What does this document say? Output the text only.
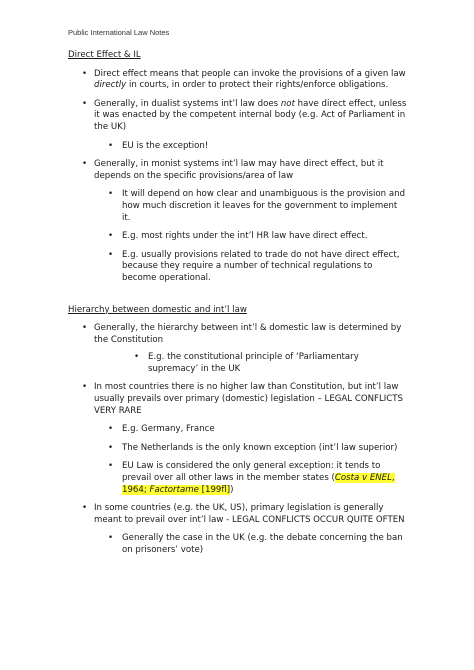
Public International Law Notes

Direct Effect & IL

• Direct effect means that people can invoke the provisions of a given law directly in courts, in order to protect their rights/enforce obligations.
• Generally, in dualist systems int’l law does not have direct effect, unless it was enacted by the competent internal body (e.g. Act of Parliament in the UK)
• EU is the exception!
• Generally, in monist systems int’l law may have direct effect, but it depends on the specific provisions/area of law
• It will depend on how clear and unambiguous is the provision and how much discretion it leaves for the government to implement it.
• E.g. most rights under the int’l HR law have direct effect.
• E.g. usually provisions related to trade do not have direct effect, because they require a number of technical regulations to become operational.

Hierarchy between domestic and int’l law

• Generally, the hierarchy between int’l & domestic law is determined by the Constitution
• E.g. the constitutional principle of ‘Parliamentary supremacy’ in the UK
• In most countries there is no higher law than Constitution, but int’l law usually prevails over primary (domestic) legislation – LEGAL CONFLICTS VERY RARE
• E.g. Germany, France
• The Netherlands is the only known exception (int’l law superior)
• EU Law is considered the only general exception: it tends to prevail over all other laws in the member states (Costa v ENEL, 1964; Factortame [199fl])
• In some countries (e.g. the UK, US), primary legislation is generally meant to prevail over int’l law - LEGAL CONFLICTS OCCUR QUITE OFTEN
• Generally the case in the UK (e.g. the debate concerning the ban on prisoners’ vote)
